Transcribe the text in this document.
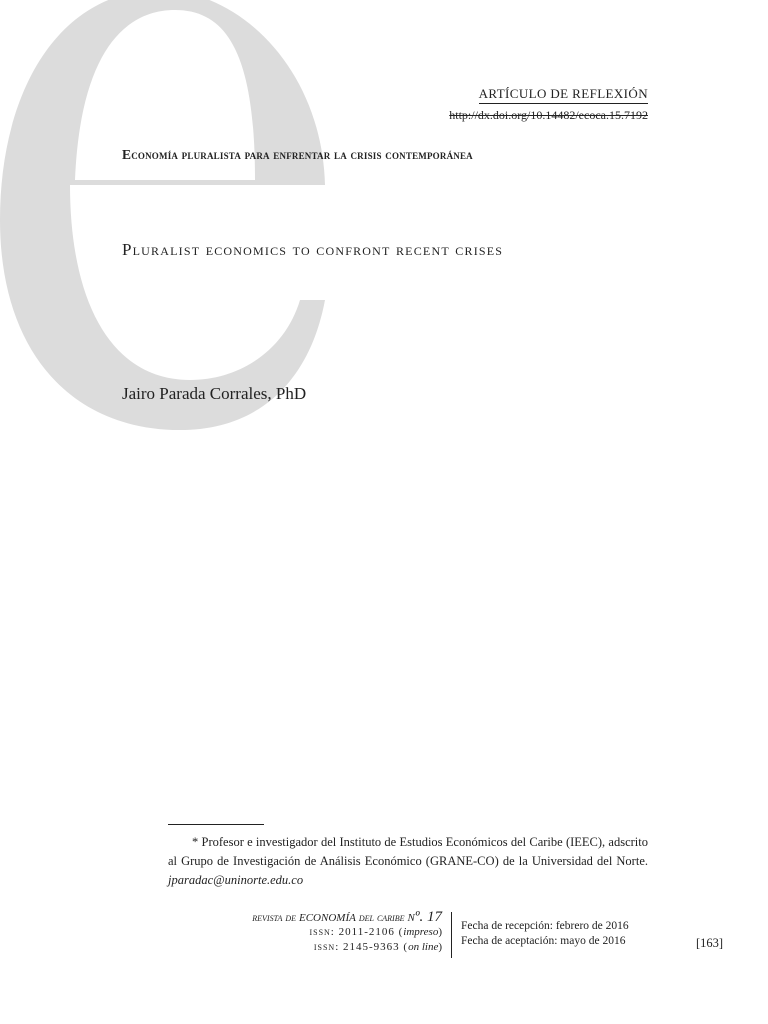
ARTÍCULO DE REFLEXIÓN
http://dx.doi.org/10.14482/ecoca.15.7192
Economía pluralista para enfrentar la crisis contemporánea
Pluralist economics to confront recent crises
Jairo Parada Corrales, PhD
* Profesor e investigador del Instituto de Estudios Económicos del Caribe (IEEC), adscrito al Grupo de Investigación de Análisis Económico (GRANE-CO) de la Universidad del Norte. jparadac@uninorte.edu.co
revista de economía del caribe nº. 17
issn: 2011-2106 (impreso)
issn: 2145-9363 (on line)
Fecha de recepción: febrero de 2016
Fecha de aceptación: mayo de 2016	[163]
